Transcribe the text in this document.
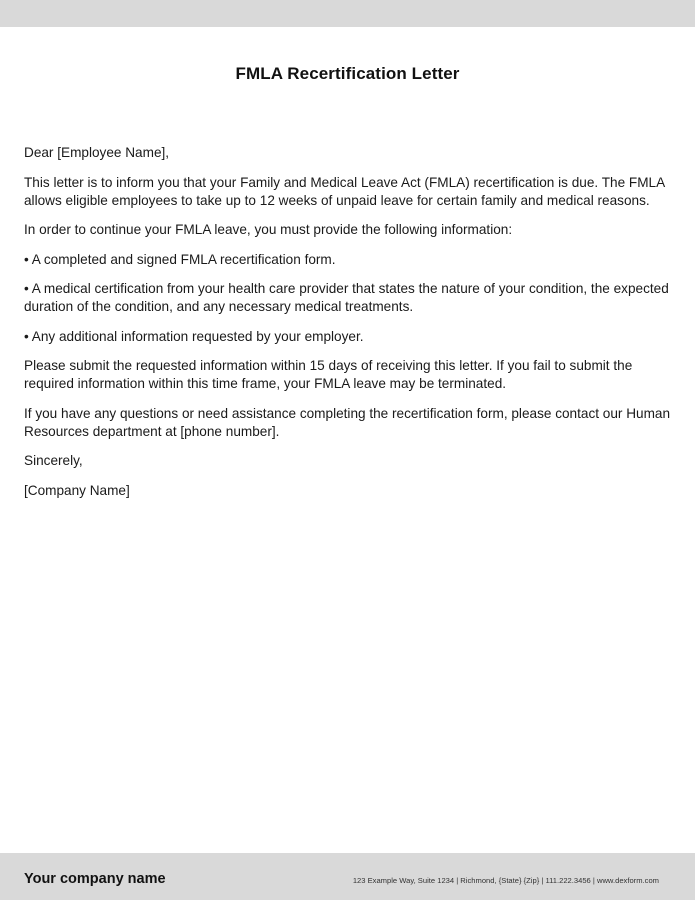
FMLA Recertification Letter

Dear [Employee Name],

This letter is to inform you that your Family and Medical Leave Act (FMLA) recertification is due. The FMLA allows eligible employees to take up to 12 weeks of unpaid leave for certain family and medical reasons.

In order to continue your FMLA leave, you must provide the following information:

• A completed and signed FMLA recertification form.

• A medical certification from your health care provider that states the nature of your condition, the expected duration of the condition, and any necessary medical treatments.

• Any additional information requested by your employer.

Please submit the requested information within 15 days of receiving this letter. If you fail to submit the required information within this time frame, your FMLA leave may be terminated.

If you have any questions or need assistance completing the recertification form, please contact our Human Resources department at [phone number].

Sincerely,

[Company Name]

Your company name	123 Example Way, Suite 1234 | Richmond, {State} {Zip} | 111.222.3456 | www.dexform.com
